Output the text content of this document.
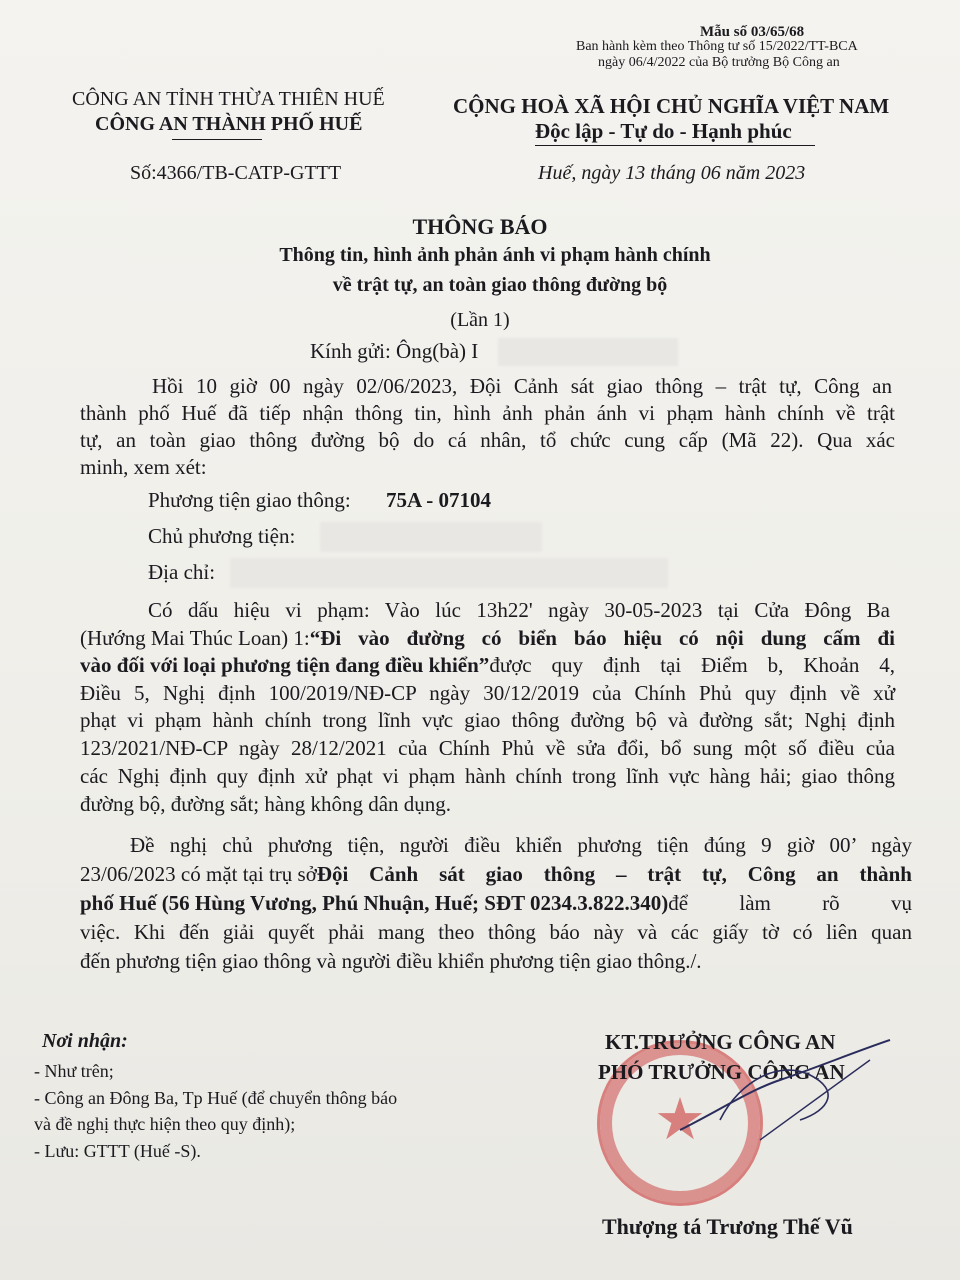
Mẫu số 03/65/68
Ban hành kèm theo Thông tư số 15/2022/TT-BCA
ngày 06/4/2022 của Bộ trưởng Bộ Công an
CÔNG AN TỈNH THỪA THIÊN HUẾ
CÔNG AN THÀNH PHỐ HUẾ
Số:4366/TB-CATP-GTTT
CỘNG HOÀ XÃ HỘI CHỦ NGHĨA VIỆT NAM
Độc lập - Tự do - Hạnh phúc
Huế, ngày 13 tháng 06 năm 2023
THÔNG BÁO
Thông tin, hình ảnh phản ánh vi phạm hành chính
về trật tự, an toàn giao thông đường bộ
(Lần 1)
Kính gửi: Ông(bà) I
Hồi 10 giờ 00 ngày 02/06/2023, Đội Cảnh sát giao thông – trật tự, Công an
thành phố Huế đã tiếp nhận thông tin, hình ảnh phản ánh vi phạm hành chính về trật
tự, an toàn giao thông đường bộ do cá nhân, tổ chức cung cấp (Mã 22). Qua xác
minh, xem xét:
Phương tiện giao thông: 75A - 07104
Chủ phương tiện:
Địa chỉ:
Có dấu hiệu vi phạm: Vào lúc 13h22' ngày 30-05-2023 tại Cửa Đông Ba
(Hướng Mai Thúc Loan) 1: “Đi vào đường có biển báo hiệu có nội dung cấm đi
vào đối với loại phương tiện đang điều khiển” được quy định tại Điểm b, Khoản 4,
Điều 5, Nghị định 100/2019/NĐ-CP ngày 30/12/2019 của Chính Phủ quy định về xử
phạt vi phạm hành chính trong lĩnh vực giao thông đường bộ và đường sắt; Nghị định
123/2021/NĐ-CP ngày 28/12/2021 của Chính Phủ về sửa đổi, bổ sung một số điều của
các Nghị định quy định xử phạt vi phạm hành chính trong lĩnh vực hàng hải; giao thông
đường bộ, đường sắt; hàng không dân dụng.
Đề nghị chủ phương tiện, người điều khiển phương tiện đúng 9 giờ 00’ ngày
23/06/2023 có mặt tại trụ sở Đội Cảnh sát giao thông – trật tự, Công an thành
phố Huế (56 Hùng Vương, Phú Nhuận, Huế; SĐT 0234.3.822.340) để làm rõ vụ
việc. Khi đến giải quyết phải mang theo thông báo này và các giấy tờ có liên quan
đến phương tiện giao thông và người điều khiển phương tiện giao thông./.
Nơi nhận:
- Như trên;
- Công an Đông Ba, Tp Huế (để chuyển thông báo
và đề nghị thực hiện theo quy định);
- Lưu: GTTT (Huế -S).	★
KT.TRƯỞNG CÔNG AN
PHÓ TRƯỞNG CÔNG AN
Thượng tá Trương Thế Vũ
